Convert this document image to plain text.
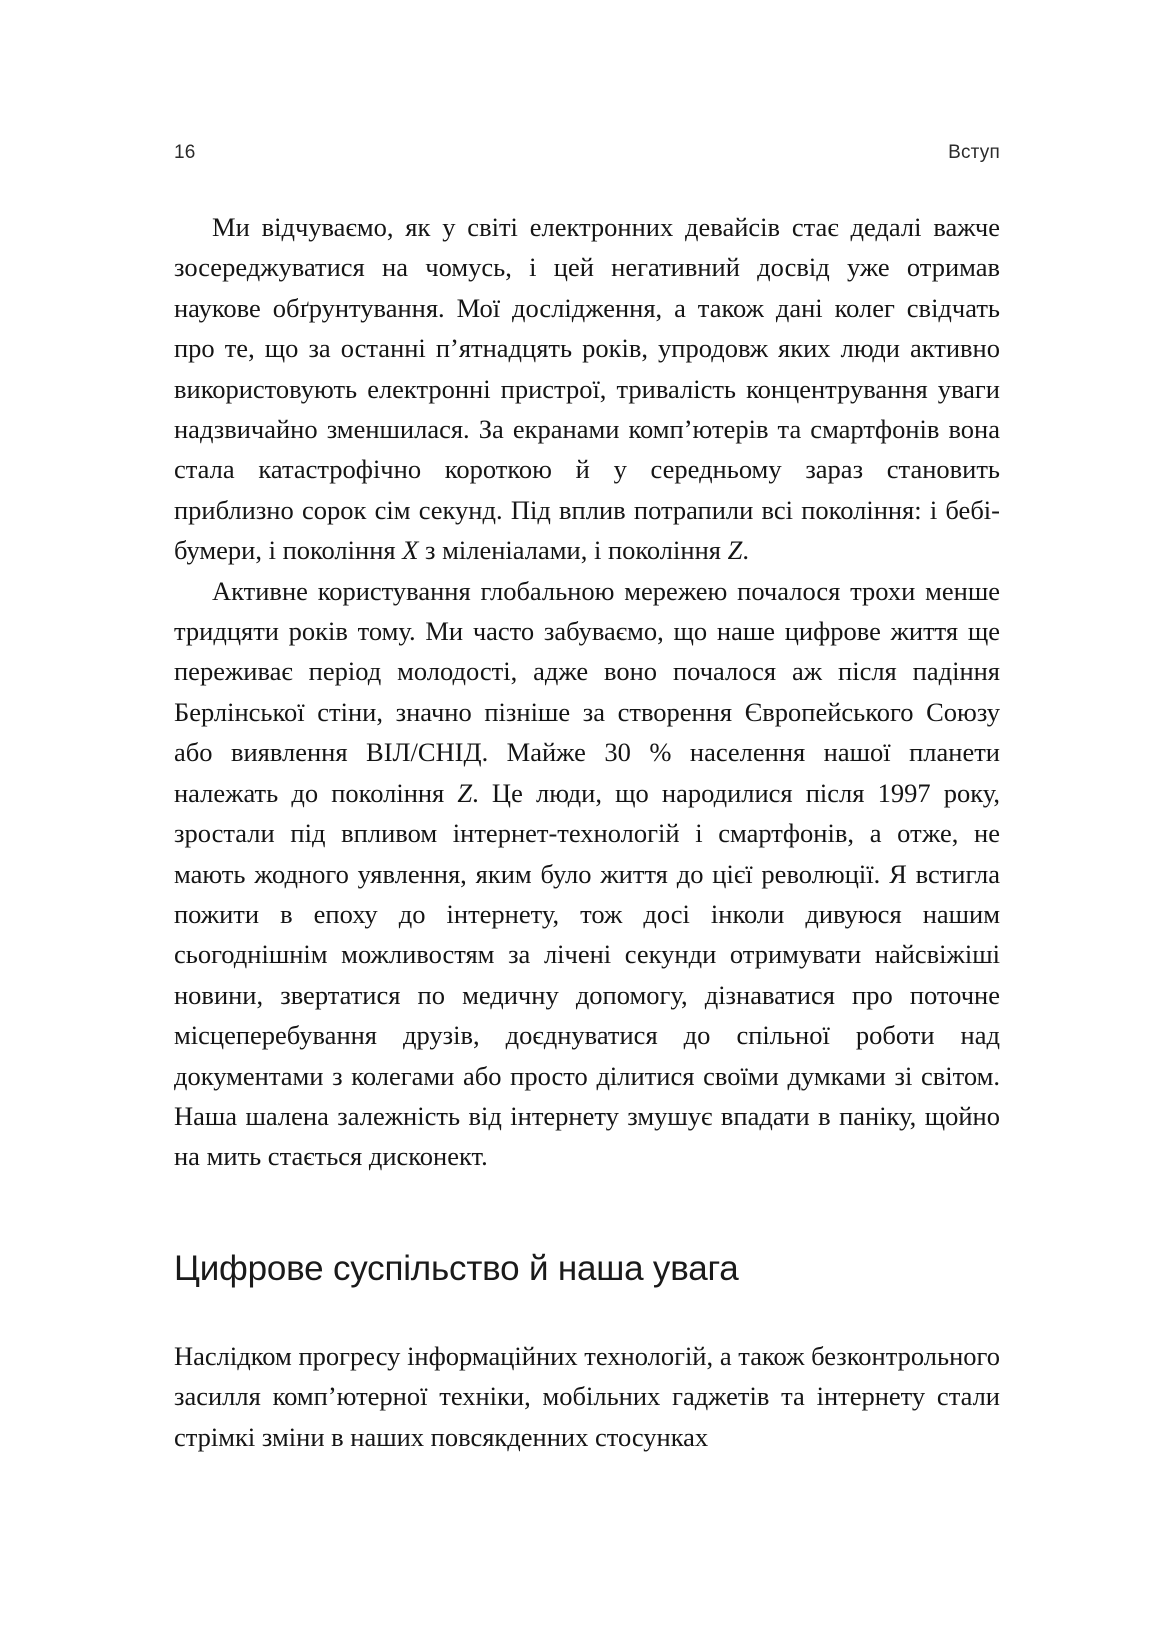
16	Вступ

Ми відчуваємо, як у світі електронних девайсів стає дедалі важче зосереджуватися на чомусь, і цей негативний досвід уже отримав наукове обґрунтування. Мої дослідження, а також дані колег свідчать про те, що за останні п’ятнадцять років, упродовж яких люди активно використовують електронні пристрої, тривалість концентрування уваги надзвичайно зменшилася. За екранами комп’ютерів та смартфонів вона стала катастрофічно короткою й у середньому зараз становить приблизно сорок сім секунд. Під вплив потрапили всі покоління: і бебі-бумери, і покоління X з міленіалами, і покоління Z.

Активне користування глобальною мережею почалося трохи менше тридцяти років тому. Ми часто забуваємо, що наше цифрове життя ще переживає період молодості, адже воно почалося аж після падіння Берлінської стіни, значно пізніше за створення Європейського Союзу або виявлення ВІЛ/СНІД. Майже 30 % населення нашої планети належать до покоління Z. Це люди, що народилися після 1997 року, зростали під впливом інтернет-технологій і смартфонів, а отже, не мають жодного уявлення, яким було життя до цієї революції. Я встигла пожити в епоху до інтернету, тож досі інколи дивуюся нашим сьогоднішнім можливостям за лічені секунди отримувати найсвіжіші новини, звертатися по медичну допомогу, дізнаватися про поточне місцеперебування друзів, доєднуватися до спільної роботи над документами з колегами або просто ділитися своїми думками зі світом. Наша шалена залежність від інтернету змушує впадати в паніку, щойно на мить стається дисконект.

Цифрове суспільство й наша увага

Наслідком прогресу інформаційних технологій, а також безконтрольного засилля комп’ютерної техніки, мобільних гаджетів та інтернету стали стрімкі зміни в наших повсякденних стосунках
